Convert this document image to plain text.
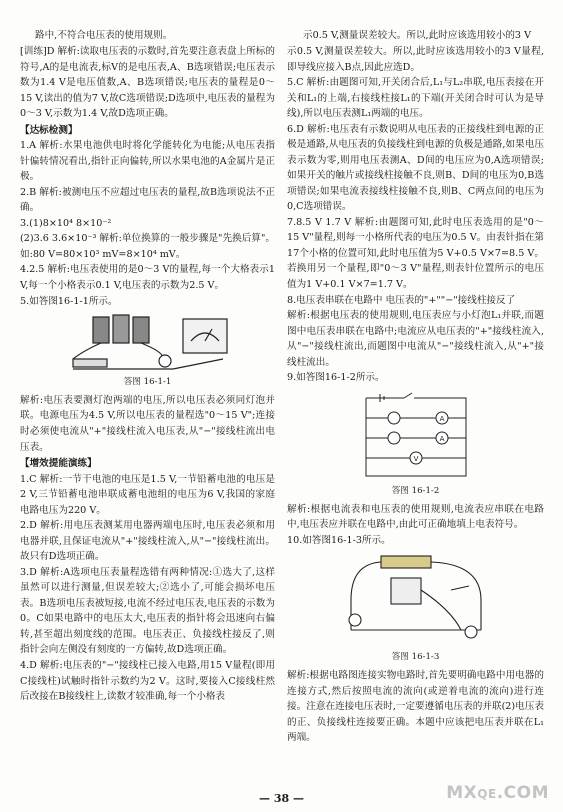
路中,不符合电压表的使用规则。	示0.5 V,测量误差较大。所以,此时应该选用较小的3 V

[训练]D 解析:读取电压表的示数时,首先要注意表盘上所标的符号,A的是电流表,标V的是电压表,A、B选项错误;电压表示数为1.4 V是电压值数,A、B选项错误;电压表的量程是0～15 V,读出的值为7 V,故C选项错误;D选项中,电压表的量程为0～3 V,示数为1.4 V,故D选项正确。

【达标检测】

1.A 解析:水果电池供电时将化学能转化为电能;从电压表指针偏转情况看出,指针正向偏转,所以水果电池的A金属片是正极。

2.B 解析:被测电压不应超过电压表的量程,故B选项说法不正确。

3.(1)8×10⁴ 8×10⁻²

(2)3.6 3.6×10⁻³ 解析:单位换算的一般步骤是"先换后算"。如:80 V=80×10³ mV=8×10⁴ mV。

4.2.5 解析:电压表使用的是0～3 V的量程,每一个大格表示1 V,每一个小格表示0.1 V,电压表的示数为2.5 V。

5.如答图16-1-1所示。

答图 16-1-1

解析:电压表要测灯泡两端的电压,所以电压表必须同灯泡并联。电源电压为4.5 V,所以电压表的量程选"0～15 V";连接时必须使电流从"+"接线柱流入电压表,从"−"接线柱流出电压表。

【增效提能演练】

1.C 解析:一节干电池的电压是1.5 V,一节铅蓄电池的电压是2 V,三节铅蓄电池串联成蓄电池组的电压为6 V,我国的家庭电路电压为220 V。

2.D 解析:用电压表测某用电器两端电压时,电压表必须和用电器并联,且保证电流从"+"接线柱流入,从"−"接线柱流出。故只有D选项正确。

3.D 解析:A选项电压表量程选错有两种情况:①选大了,这样虽然可以进行测量,但误差较大;②选小了,可能会损坏电压表。B选项电压表被短接,电流不经过电压表,电压表的示数为0。C如果电路中的电压太大,电压表的指针将会迅速向右偏转,甚至超出刻度线的范围。电压表正、负接线柱接反了,则指针会向左侧没有刻度的一方偏转,故D选项正确。

4.D 解析:电压表的"−"接线柱已接入电路,用15 V量程(即用C接线柱)试触时指针示数约为2 V。这时,要接入C接线柱然后改接在B接线柱上,读数才较准确,每一个小格表

示0.5 V,测量误差较大。所以,此时应该选用较小的3 V量程,即导线应接入B点,因此应选D。

5.C 解析:由题图可知,开关闭合后,L₁与L₂串联,电压表接在开关和L₁的上端,右接线柱接L₁的下端(开关闭合时可认为是导线),所以电压表测L₁两端的电压。

6.D 解析:电压表有示数说明从电压表的正接线柱到电源的正极是通路,从电压表的负接线柱到电源的负极是通路,如果电压表示数为零,则用电压表测A、D间的电压应为0,A选项错误;如果开关的触片或接线柱接触不良,则B、D间的电压为0,B选项错误;如果电流表接线柱接触不良,则B、C两点间的电压为0,C选项错误。

7.8.5 V 1.7 V 解析:由题图可知,此时电压表选用的是"0～15 V"量程,则每一小格所代表的电压为0.5 V。由表针指在第17个小格的位置可知,此时电压值为5 V+0.5 V×7=8.5 V。若换用另一个量程,即"0～3 V"量程,则表针位置所示的电压值为1 V+0.1 V×7=1.7 V。

8.电压表串联在电路中 电压表的"+""−"接线柱接反了

解析:根据电压表的使用规则,电压表应与小灯泡L₁并联,而题图中电压表串联在电路中;电流应从电压表的"+"接线柱流入,从"−"接线柱流出,而题图中电流从"−"接线柱流入,从"+"接线柱流出。

9.如答图16-1-2所示。

A
A
V

答图 16-1-2

解析:根据电流表和电压表的使用规则,电流表应串联在电路中,电压表应并联在电路中,由此可正确地填上电表符号。

10.如答图16-1-3所示。

答图 16-1-3

解析:根据电路图连接实物电路时,首先要明确电路中用电器的连接方式,然后按照电流的流向(或逆着电流的流向)进行连接。注意在连接电压表时,一定要遵循电压表的并联(2)电压表的正、负接线柱连接要正确。本题中应该把电压表并联在L₁两端。

— 38 —	MXQE.COM
